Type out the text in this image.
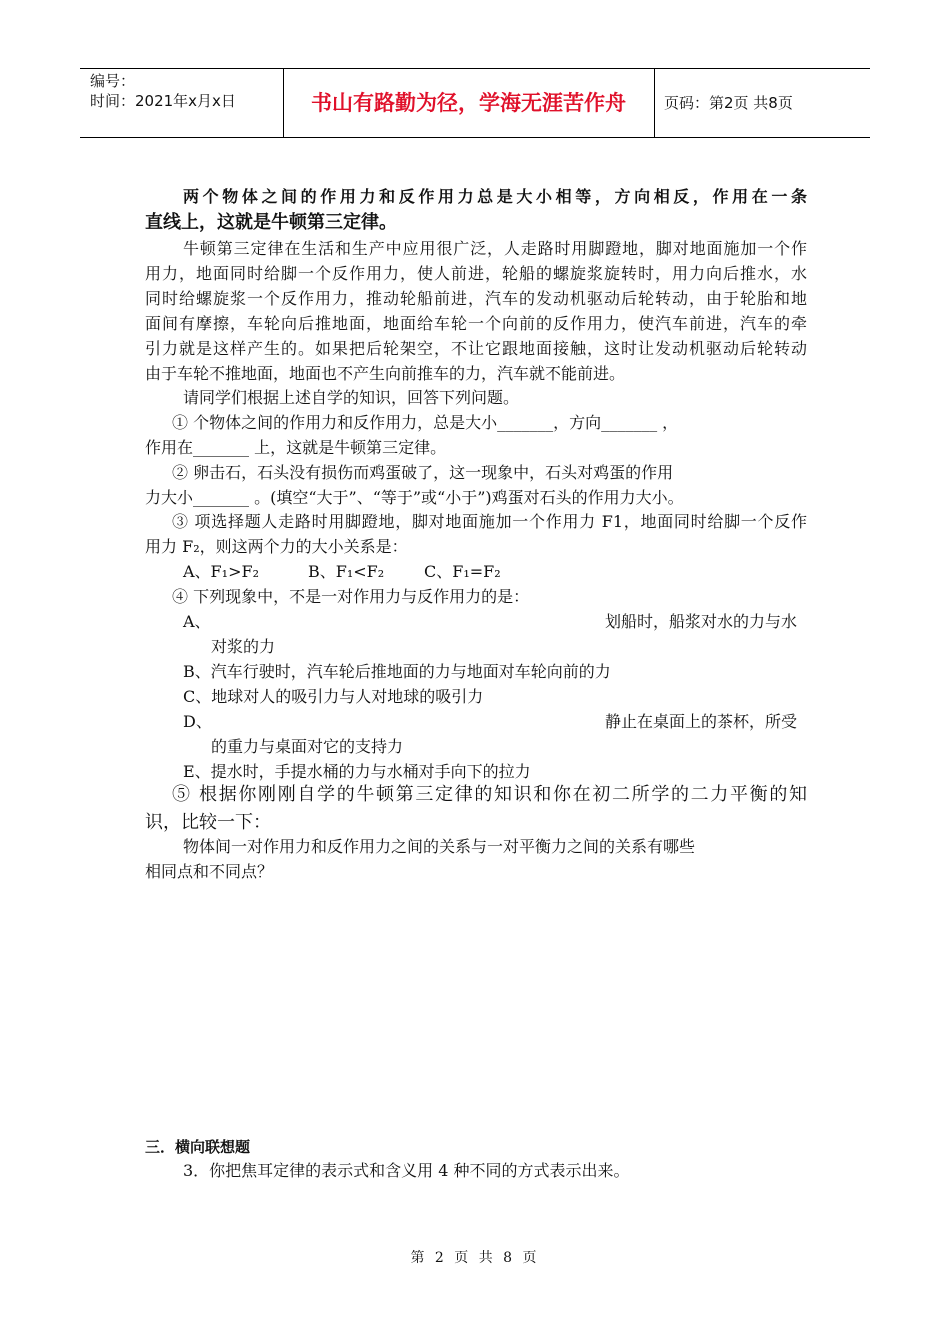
编号：
时间：2021年x月x日	书山有路勤为径，学海无涯苦作舟	页码：第2页 共8页
两个物体之间的作用力和反作用力总是大小相等，方向相反，作用在一条
直线上，这就是牛顿第三定律。
牛顿第三定律在生活和生产中应用很广泛，人走路时用脚蹬地，脚对地面施加一个作
用力，地面同时给脚一个反作用力，使人前进，轮船的螺旋浆旋转时，用力向后推水，水
同时给螺旋浆一个反作用力，推动轮船前进，汽车的发动机驱动后轮转动，由于轮胎和地
面间有摩擦，车轮向后推地面，地面给车轮一个向前的反作用力，使汽车前进，汽车的牵
引力就是这样产生的。如果把后轮架空，不让它跟地面接触，这时让发动机驱动后轮转动
由于车轮不推地面，地面也不产生向前推车的力，汽车就不能前进。
请同学们根据上述自学的知识，回答下列问题。
① 个物体之间的作用力和反作用力，总是大小_______，方向_______ ，
作用在_______ 上，这就是牛顿第三定律。
② 卵击石，石头没有损伤而鸡蛋破了，这一现象中，石头对鸡蛋的作用
力大小_______ 。(填空“大于”、“等于”或“小于”)鸡蛋对石头的作用力大小。
③ 项选择题人走路时用脚蹬地，脚对地面施加一个作用力 F1，地面同时给脚一个反作
用力 F₂，则这两个力的大小关系是：
A、F₁>F₂	B、F₁<F₂ C、F₁=F₂
④ 下列现象中，不是一对作用力与反作用力的是：
A、	划船时，船浆对水的力与水
对浆的力
B、汽车行驶时，汽车轮后推地面的力与地面对车轮向前的力
C、地球对人的吸引力与人对地球的吸引力
D、	静止在桌面上的茶杯，所受
的重力与桌面对它的支持力
E、提水时，手提水桶的力与水桶对手向下的拉力
⑤ 根据你刚刚自学的牛顿第三定律的知识和你在初二所学的二力平衡的知
识，比较一下：
物体间一对作用力和反作用力之间的关系与一对平衡力之间的关系有哪些
相同点和不同点？
三．横向联想题
3．你把焦耳定律的表示式和含义用 4 种不同的方式表示出来。
第 2 页 共 8 页
